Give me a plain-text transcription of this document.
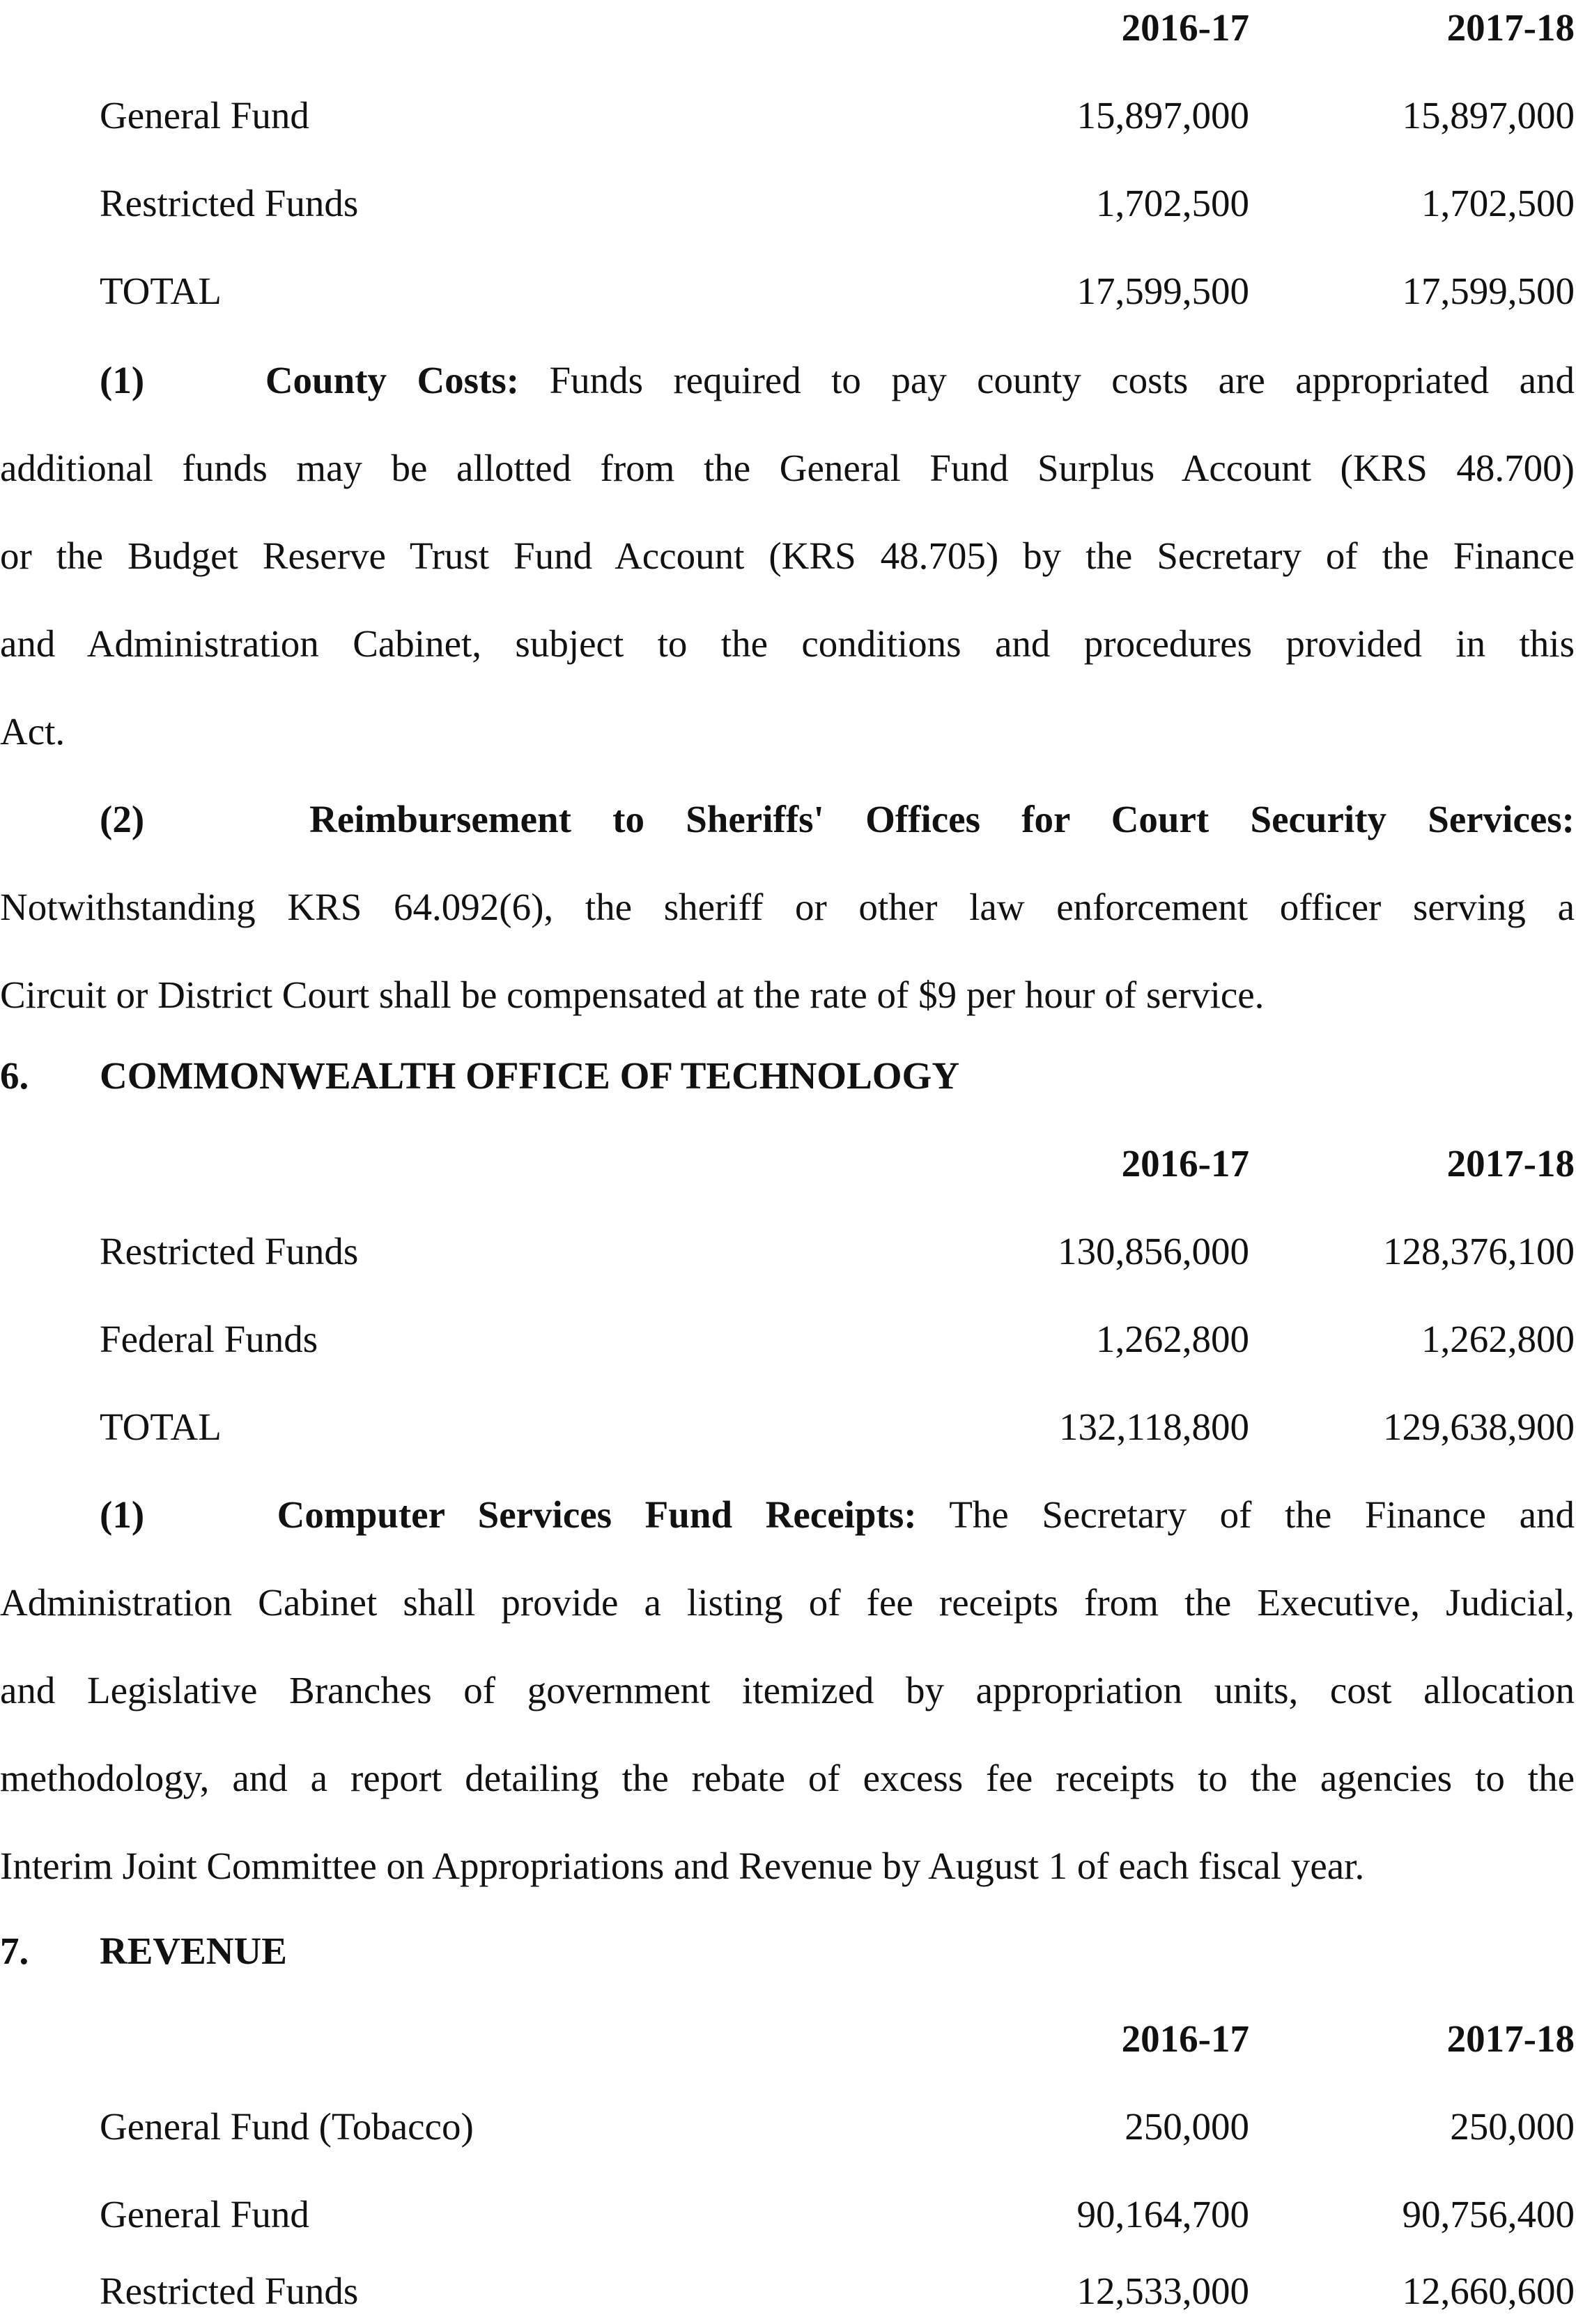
2016-17	2017-18
General Fund	15,897,000	15,897,000
Restricted Funds	1,702,500	1,702,500
TOTAL	17,599,500	17,599,500
(1)	County Costs: Funds required to pay county costs are appropriated and
additional funds may be allotted from the General Fund Surplus Account (KRS 48.700)
or the Budget Reserve Trust Fund Account (KRS 48.705) by the Secretary of the Finance
and Administration Cabinet, subject to the conditions and procedures provided in this
Act.
(2)	Reimbursement to Sheriffs' Offices for Court Security Services:
Notwithstanding KRS 64.092(6), the sheriff or other law enforcement officer serving a
Circuit or District Court shall be compensated at the rate of $9 per hour of service.
6. COMMONWEALTH OFFICE OF TECHNOLOGY
2016-17	2017-18
Restricted Funds	130,856,000	128,376,100
Federal Funds	1,262,800	1,262,800
TOTAL	132,118,800	129,638,900
(1)	Computer Services Fund Receipts: The Secretary of the Finance and
Administration Cabinet shall provide a listing of fee receipts from the Executive, Judicial,
and Legislative Branches of government itemized by appropriation units, cost allocation
methodology, and a report detailing the rebate of excess fee receipts to the agencies to the
Interim Joint Committee on Appropriations and Revenue by August 1 of each fiscal year.
7. REVENUE
2016-17	2017-18
General Fund (Tobacco)	250,000	250,000
General Fund	90,164,700	90,756,400
Restricted Funds	12,533,000	12,660,600
